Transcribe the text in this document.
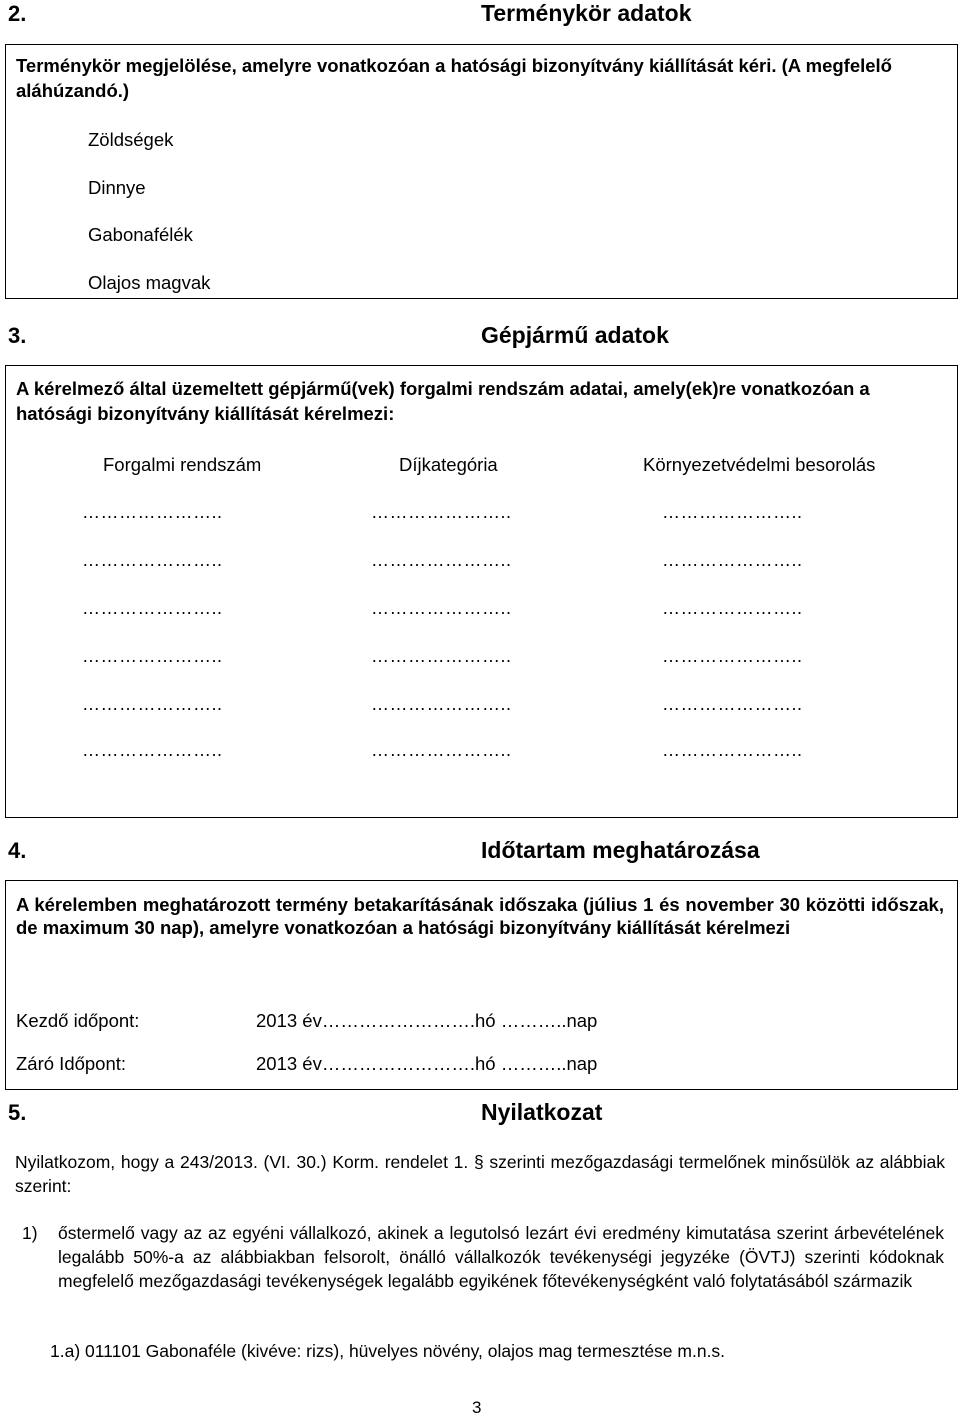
2.	Terménykör adatok
Terménykör megjelölése, amelyre vonatkozóan a hatósági bizonyítvány kiállítását kéri. (A megfelelő aláhúzandó.)
Zöldségek
Dinnye
Gabonafélék
Olajos magvak
3.	Gépjármű adatok
A kérelmező által üzemeltett gépjármű(vek) forgalmi rendszám adatai, amely(ek)re vonatkozóan a hatósági bizonyítvány kiállítását kérelmezi:
Forgalmi rendszám	Díjkategória	Környezetvédelmi besorolás
…………………..	…………………..	…………………..
…………………..	…………………..	…………………..
…………………..	…………………..	…………………..
…………………..	…………………..	…………………..
…………………..	…………………..	…………………..
…………………..	…………………..	…………………..
4.	Időtartam meghatározása
A kérelemben meghatározott termény betakarításának időszaka (július 1 és november 30 közötti időszak, de maximum 30 nap), amelyre vonatkozóan a hatósági bizonyítvány kiállítását kérelmezi
Kezdő időpont:	2013 év…………………….hó ………..nap
Záró Időpont:	2013 év…………………….hó ………..nap
5.	Nyilatkozat
Nyilatkozom, hogy a 243/2013. (VI. 30.) Korm. rendelet 1. § szerinti mezőgazdasági termelőnek minősülök az alábbiak szerint:
1) őstermelő vagy az az egyéni vállalkozó, akinek a legutolsó lezárt évi eredmény kimutatása szerint árbevételének legalább 50%-a az alábbiakban felsorolt, önálló vállalkozók tevékenységi jegyzéke (ÖVTJ) szerinti kódoknak megfelelő mezőgazdasági tevékenységek legalább egyikének főtevékenységként való folytatásából származik
1.a) 011101 Gabonaféle (kivéve: rizs), hüvelyes növény, olajos mag termesztése m.n.s.
3
